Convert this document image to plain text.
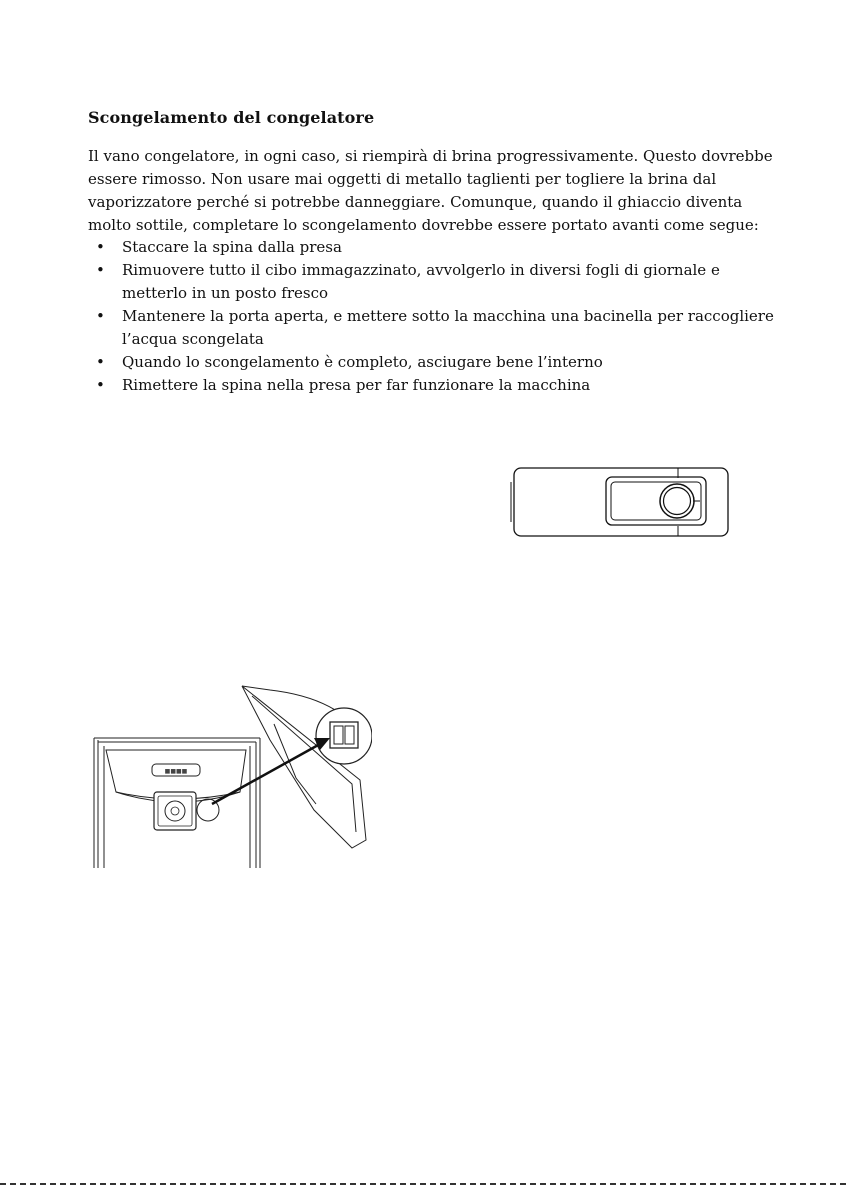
Scongelamento del congelatore

Il vano congelatore, in ogni caso, si riempirà di brina progressivamente. Questo dovrebbe essere rimosso. Non usare mai oggetti di metallo taglienti per togliere la brina dal vaporizzatore perché si potrebbe danneggiare. Comunque, quando il ghiaccio diventa molto sottile, completare lo scongelamento dovrebbe essere portato avanti come segue:

• Staccare la spina dalla presa
• Rimuovere tutto il cibo immagazzinato, avvolgerlo in diversi fogli di giornale e metterlo in un posto fresco
• Mantenere la porta aperta, e mettere sotto la macchina una bacinella per raccogliere l’acqua scongelata
• Quando lo scongelamento è completo, asciugare bene l’interno
• Rimettere la spina nella presa per far funzionare la macchina
■■■■
